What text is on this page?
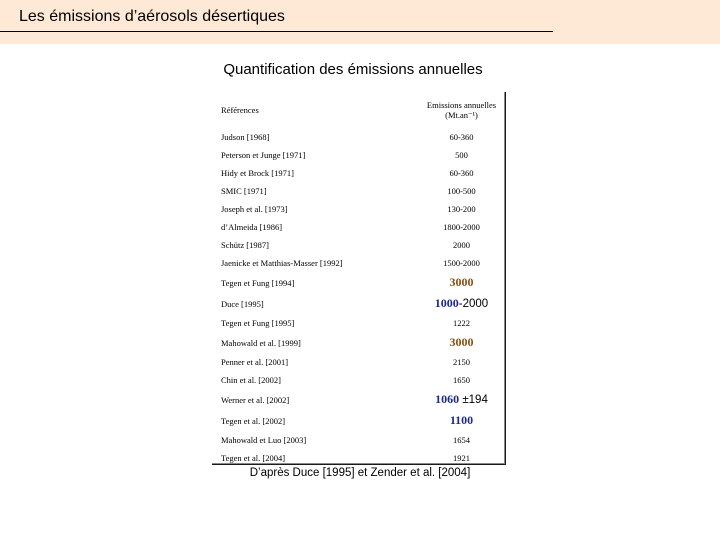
Les émissions d’aérosols désertiques
Quantification des émissions annuelles
Références	Emissions annuelles
(Mt.an⁻¹)
Judson [1968]	60-360
Peterson et Junge [1971]	500
Hidy et Brock [1971]	60-360
SMIC [1971]	100-500
Joseph et al. [1973]	130-200
d’Almeida [1986]	1800-2000
Schütz [1987]	2000
Jaenicke et Matthias-Masser [1992]	1500-2000
Tegen et Fung [1994]	3000
Duce [1995]	1000-2000
Tegen et Fung [1995]	1222
Mahowald et al. [1999]	3000
Penner et al. [2001]	2150
Chin et al. [2002]	1650
Werner et al. [2002]	1060 ±194
Tegen et al. [2002]	1100
Mahowald et Luo [2003]	1654
Tegen et al. [2004]	1921
D’après Duce [1995] et Zender et al. [2004]
